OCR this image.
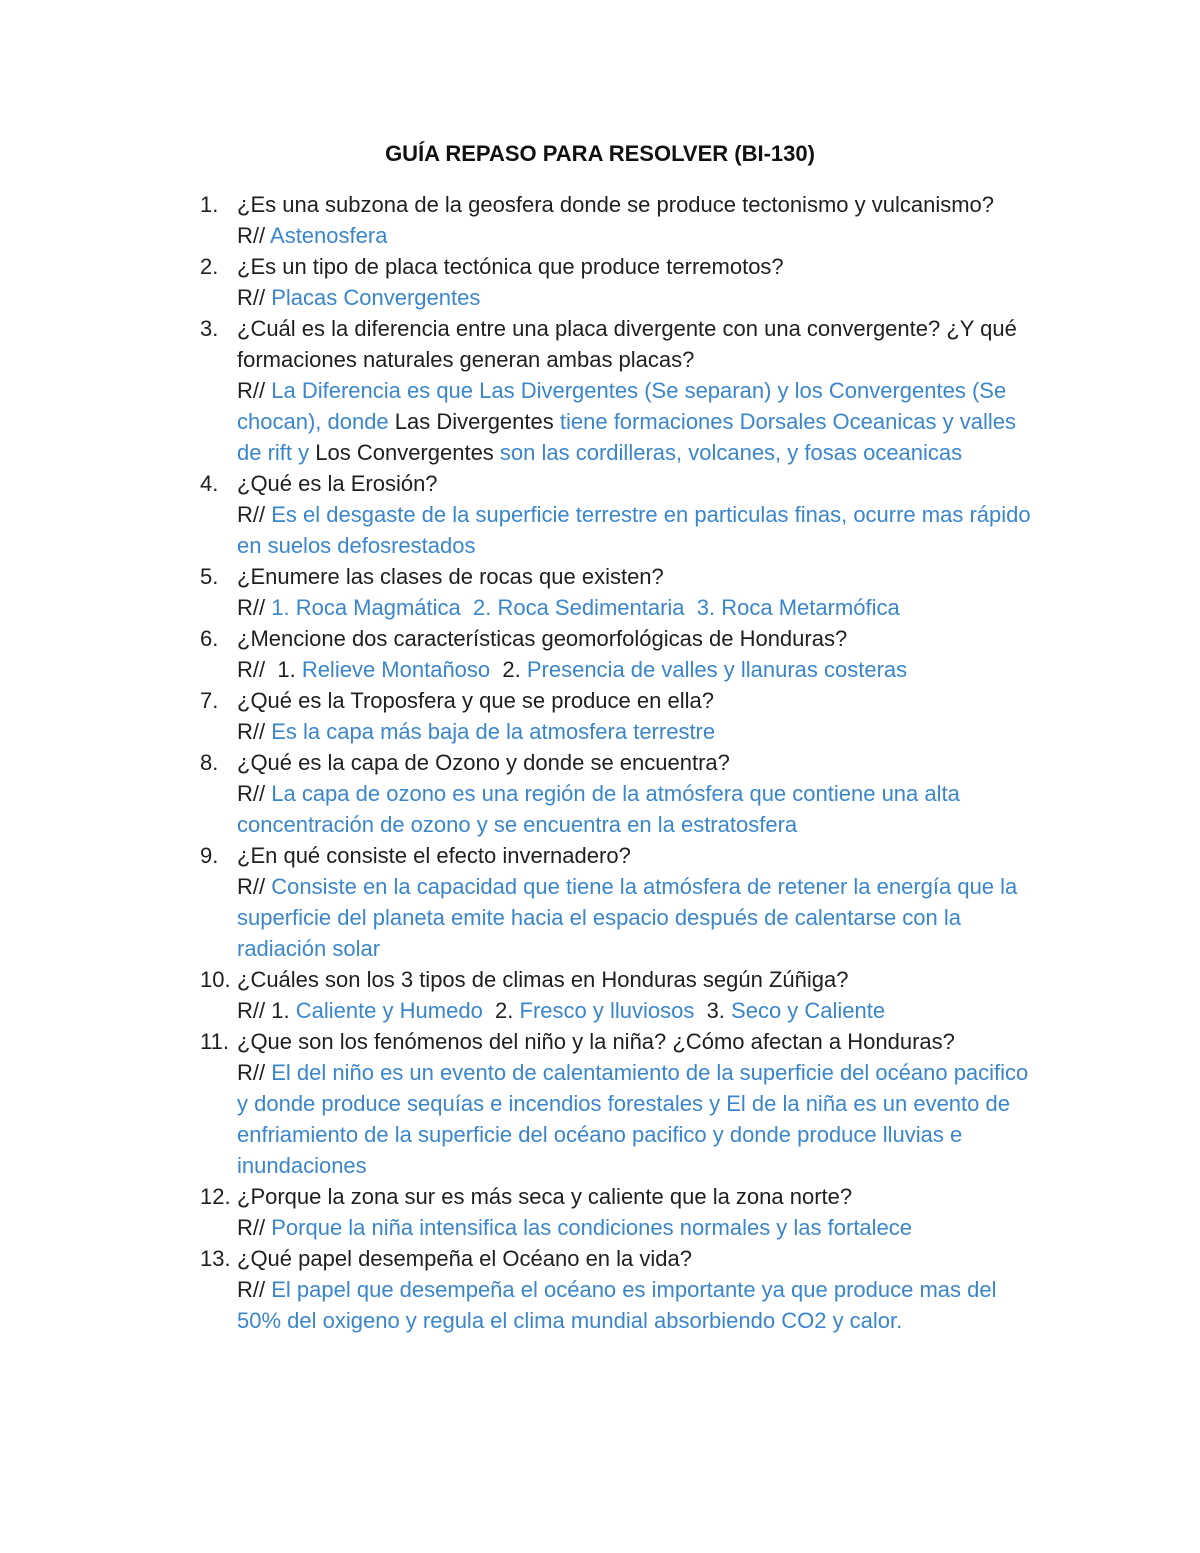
GUÍA REPASO PARA RESOLVER (BI-130)
1. ¿Es una subzona de la geosfera donde se produce tectonismo y vulcanismo?
R// Astenosfera
2. ¿Es un tipo de placa tectónica que produce terremotos?
R// Placas Convergentes
3. ¿Cuál es la diferencia entre una placa divergente con una convergente? ¿Y qué formaciones naturales generan ambas placas?
R// La Diferencia es que Las Divergentes (Se separan) y los Convergentes (Se chocan), donde Las Divergentes tiene formaciones Dorsales Oceanicas y valles de rift y Los Convergentes son las cordilleras, volcanes, y fosas oceanicas
4. ¿Qué es la Erosión?
R// Es el desgaste de la superficie terrestre en particulas finas, ocurre mas rápido en suelos defosrestados
5. ¿Enumere las clases de rocas que existen?
R// 1. Roca Magmática  2. Roca Sedimentaria  3. Roca Metarmófica
6. ¿Mencione dos características geomorfológicas de Honduras?
R//  1. Relieve Montañoso  2. Presencia de valles y llanuras costeras
7. ¿Qué es la Troposfera y que se produce en ella?
R// Es la capa más baja de la atmosfera terrestre
8. ¿Qué es la capa de Ozono y donde se encuentra?
R// La capa de ozono es una región de la atmósfera que contiene una alta concentración de ozono y se encuentra en la estratosfera
9. ¿En qué consiste el efecto invernadero?
R// Consiste en la capacidad que tiene la atmósfera de retener la energía que la superficie del planeta emite hacia el espacio después de calentarse con la radiación solar
10. ¿Cuáles son los 3 tipos de climas en Honduras según Zúñiga?
R// 1. Caliente y Humedo  2. Fresco y lluviosos  3. Seco y Caliente
11. ¿Que son los fenómenos del niño y la niña? ¿Cómo afectan a Honduras?
R// El del niño es un evento de calentamiento de la superficie del océano pacifico y donde produce sequías e incendios forestales y El de la niña es un evento de enfriamiento de la superficie del océano pacifico y donde produce lluvias e inundaciones
12. ¿Porque la zona sur es más seca y caliente que la zona norte?
R// Porque la niña intensifica las condiciones normales y las fortalece
13. ¿Qué papel desempeña el Océano en la vida?
R// El papel que desempeña el océano es importante ya que produce mas del 50% del oxigeno y regula el clima mundial absorbiendo CO2 y calor.
